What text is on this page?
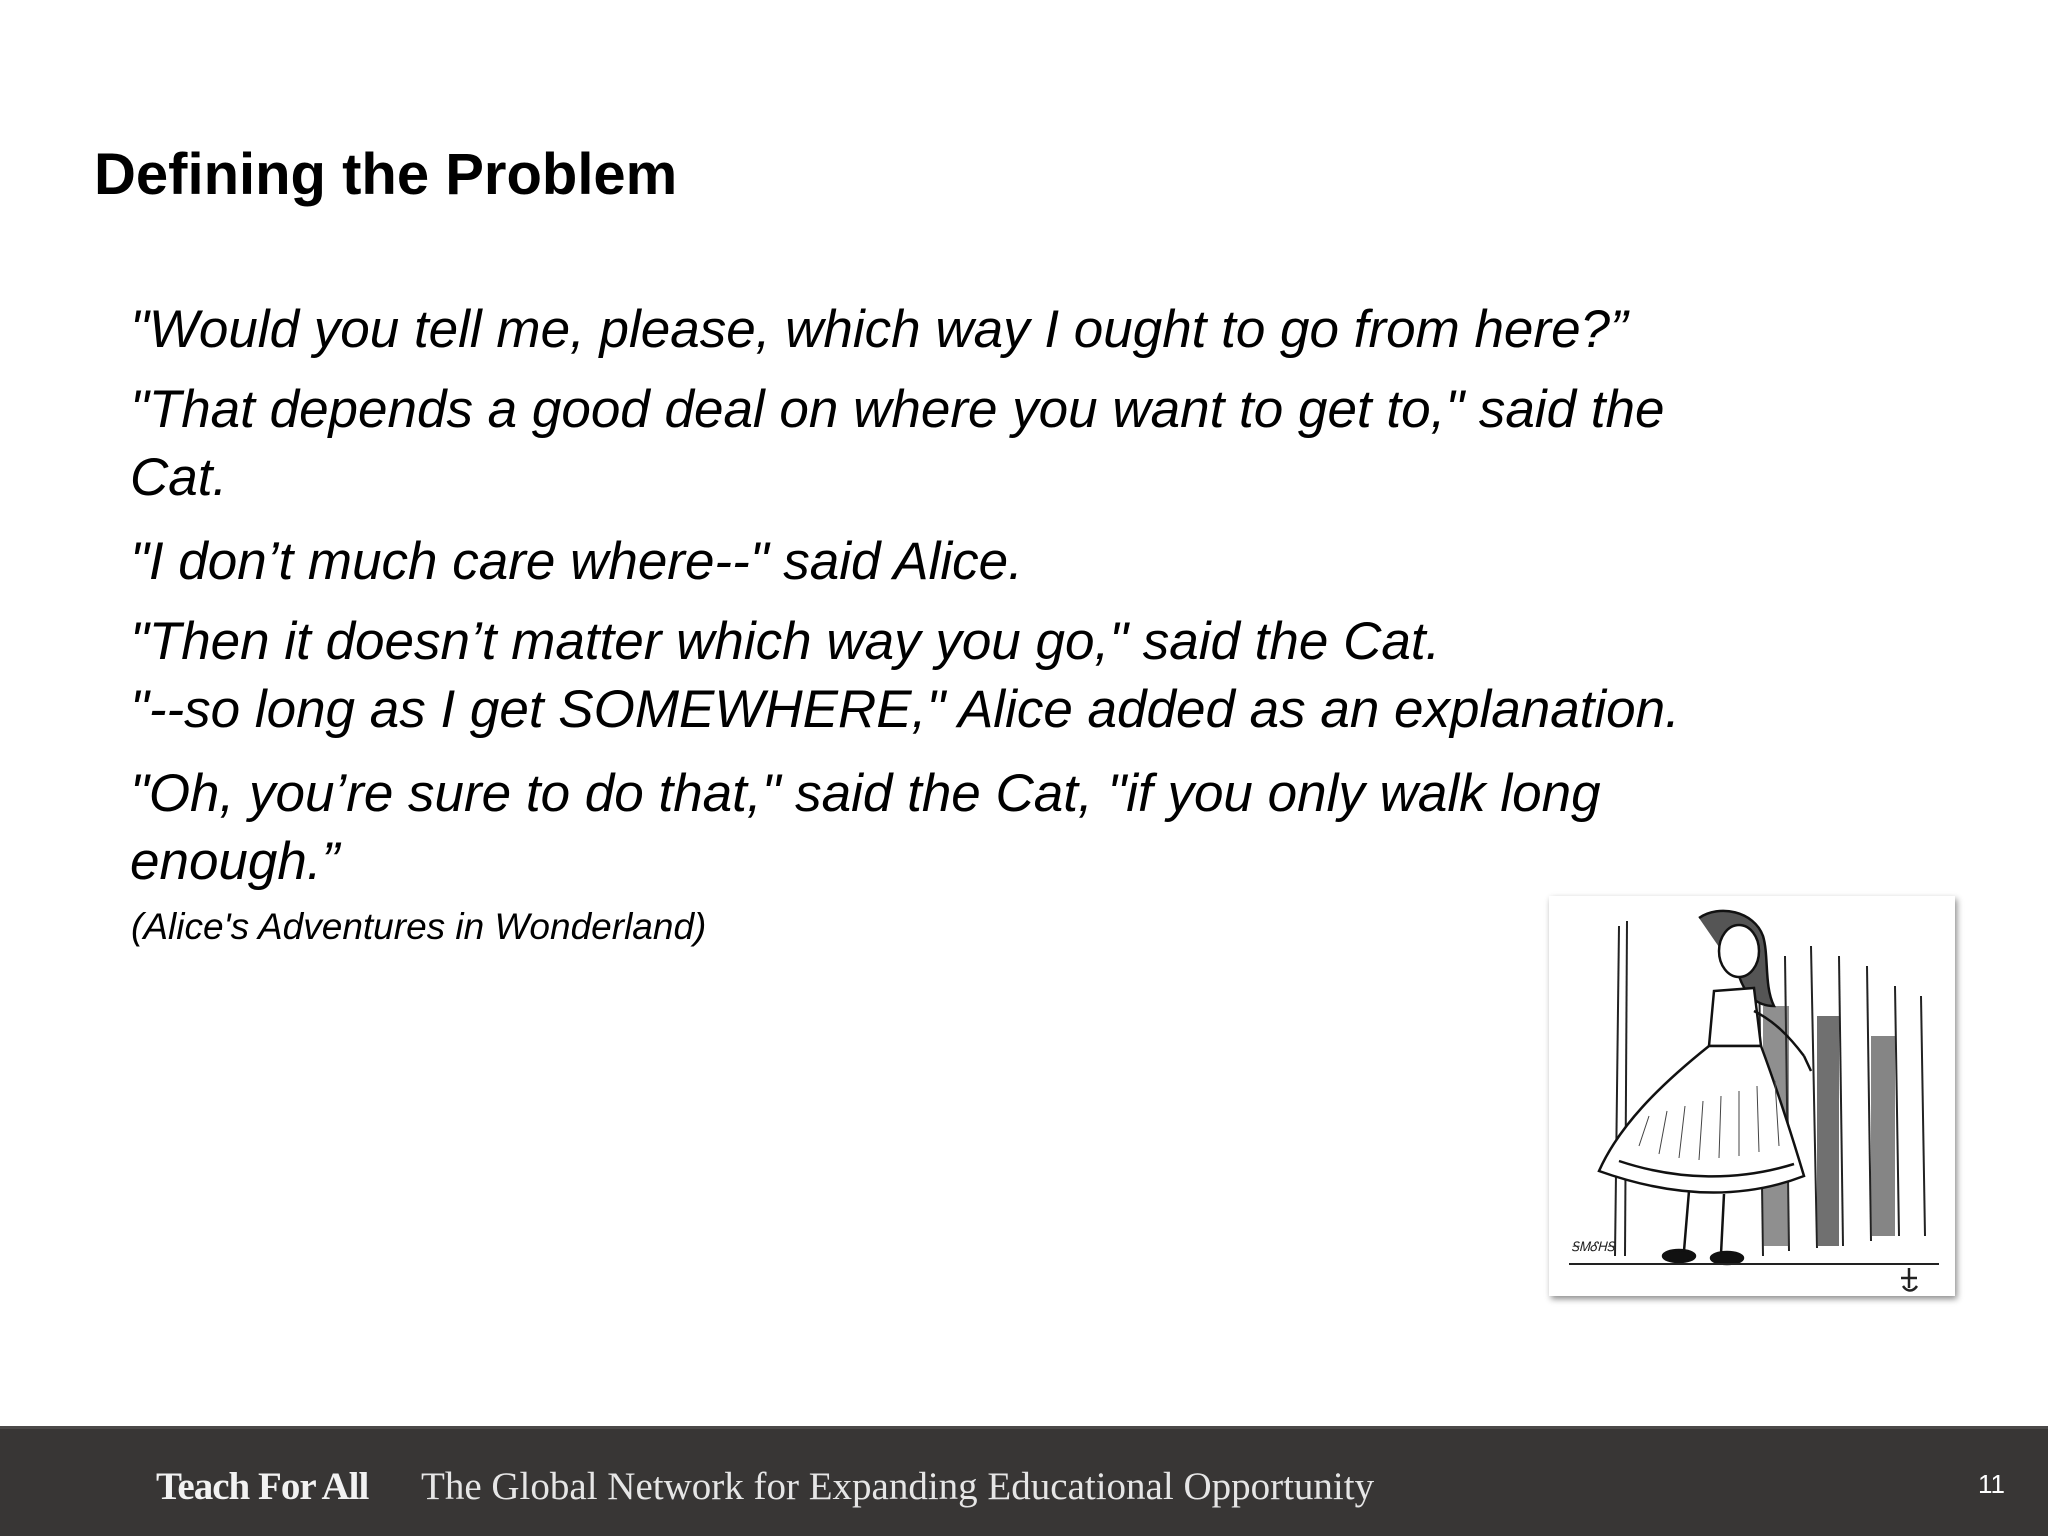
Defining the Problem

"Would you tell me, please, which way I ought to go from here?”

"That depends a good deal on where you want to get to," said the

Cat.

"I don’t much care where--" said Alice.

"Then it doesn’t matter which way you go," said the Cat.

"--so long as I get SOMEWHERE," Alice added as an explanation.

"Oh, you’re sure to do that," said the Cat, "if you only walk long

enough.”

(Alice's Adventures in Wonderland)

ᎦᎷᎴᎻᎦ
Teach For All The Global Network for Expanding Educational Opportunity	11
